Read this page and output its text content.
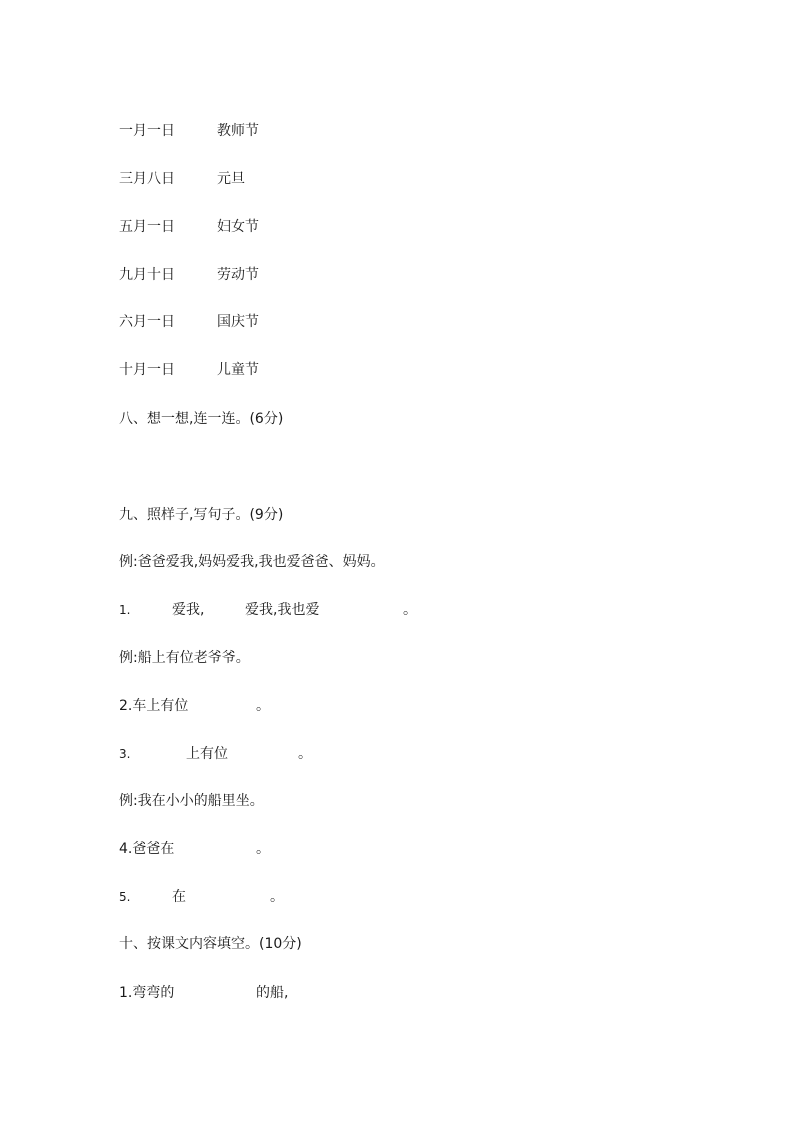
一月一日	教师节
三月八日	元旦
五月一日	妇女节
九月十日	劳动节
六月一日	国庆节
十月一日	儿童节
八、想一想,连一连。(6分)
九、照样子,写句子。(9分)
例:爸爸爱我,妈妈爱我,我也爱爸爸、妈妈。
1.	爱我,	爱我,我也爱	。
例:船上有位老爷爷。
2.车上有位	。
3.	上有位	。
例:我在小小的船里坐。
4.爸爸在	。
5.	在	。
十、按课文内容填空。(10分)
1.弯弯的	的船,
